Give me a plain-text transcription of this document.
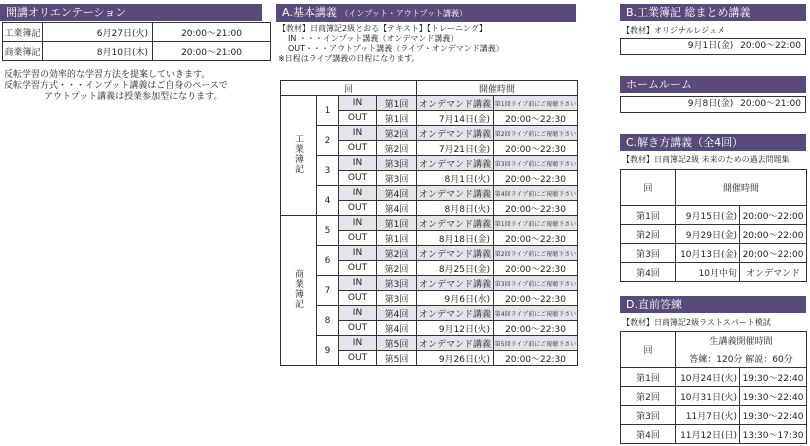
開講オリエンテーション
工業簿記	6月27日(火)	20:00～21:00
商業簿記	8月10日(木)	20:00～21:00
反転学習の効率的な学習方法を提案していきます。
反転学習方式・・・インプット講義はご自身のペースで
アウトプット講義は授業参加型になります。
A.基本講義 （インプット・アウトプット講義）
【教材】日商簿記2級とおる【テキスト】【トレーニング】
IN ・・・インプット講義（オンデマンド講義）
OUT・・・アウトプット講義（ライブ・オンデマンド講義）
※日程はライブ講義の日程になります。
回				開催時間	
工業簿記	1	IN	第1回	オンデマンド講義	第1回ライブ前にご視聴下さい
		OUT	第1回	7月14日(金)	20:00～22:30
	2	IN	第2回	オンデマンド講義	第2回ライブ前にご視聴下さい
		OUT	第2回	7月21日(金)	20:00～22:30
	3	IN	第3回	オンデマンド講義	第3回ライブ前にご視聴下さい
		OUT	第3回	8月1日(火)	20:00～22:30
	4	IN	第4回	オンデマンド講義	第4回ライブ前にご視聴下さい
		OUT	第4回	8月8日(火)	20:00～22:30
商業簿記	5	IN	第1回	オンデマンド講義	第1回ライブ前にご視聴下さい
		OUT	第1回	8月18日(金)	20:00～22:30
	6	IN	第2回	オンデマンド講義	第2回ライブ前にご視聴下さい
		OUT	第2回	8月25日(金)	20:00～22:30
	7	IN	第3回	オンデマンド講義	第3回ライブ前にご視聴下さい
		OUT	第3回	9月6日(水)	20:00～22:30
	8	IN	第4回	オンデマンド講義	第4回ライブ前にご視聴下さい
		OUT	第4回	9月12日(火)	20:00～22:30
	9	IN	第5回	オンデマンド講義	第5回ライブ前にご視聴下さい
		OUT	第5回	9月26日(火)	20:00～22:30
B.工業簿記 総まとめ講義
【教材】オリジナルレジュメ
9月1日(金) 20:00～22:00
ホームルーム
9月8日(金) 20:00～21:00
C.解き方講義（全4回）
【教材】日商簿記2級 未来のための過去問題集
回	開催時間	
第1回	9月15日(金)	20:00～22:00
第2回	9月29日(金)	20:00～22:00
第3回	10月13日(金)	20:00～22:00
第4回	10月中旬	オンデマンド
D.直前答練
【教材】日商簿記2級ラストスパート模試
回	生講義開催時間	
	答練：120分 解説：60分	
第1回	10月24日(火)	19:30～22:40
第2回	10月31日(火)	19:30～22:40
第3回	11月7日(火)	19:30～22:40
第4回	11月12日(日)	13:30～17:30
